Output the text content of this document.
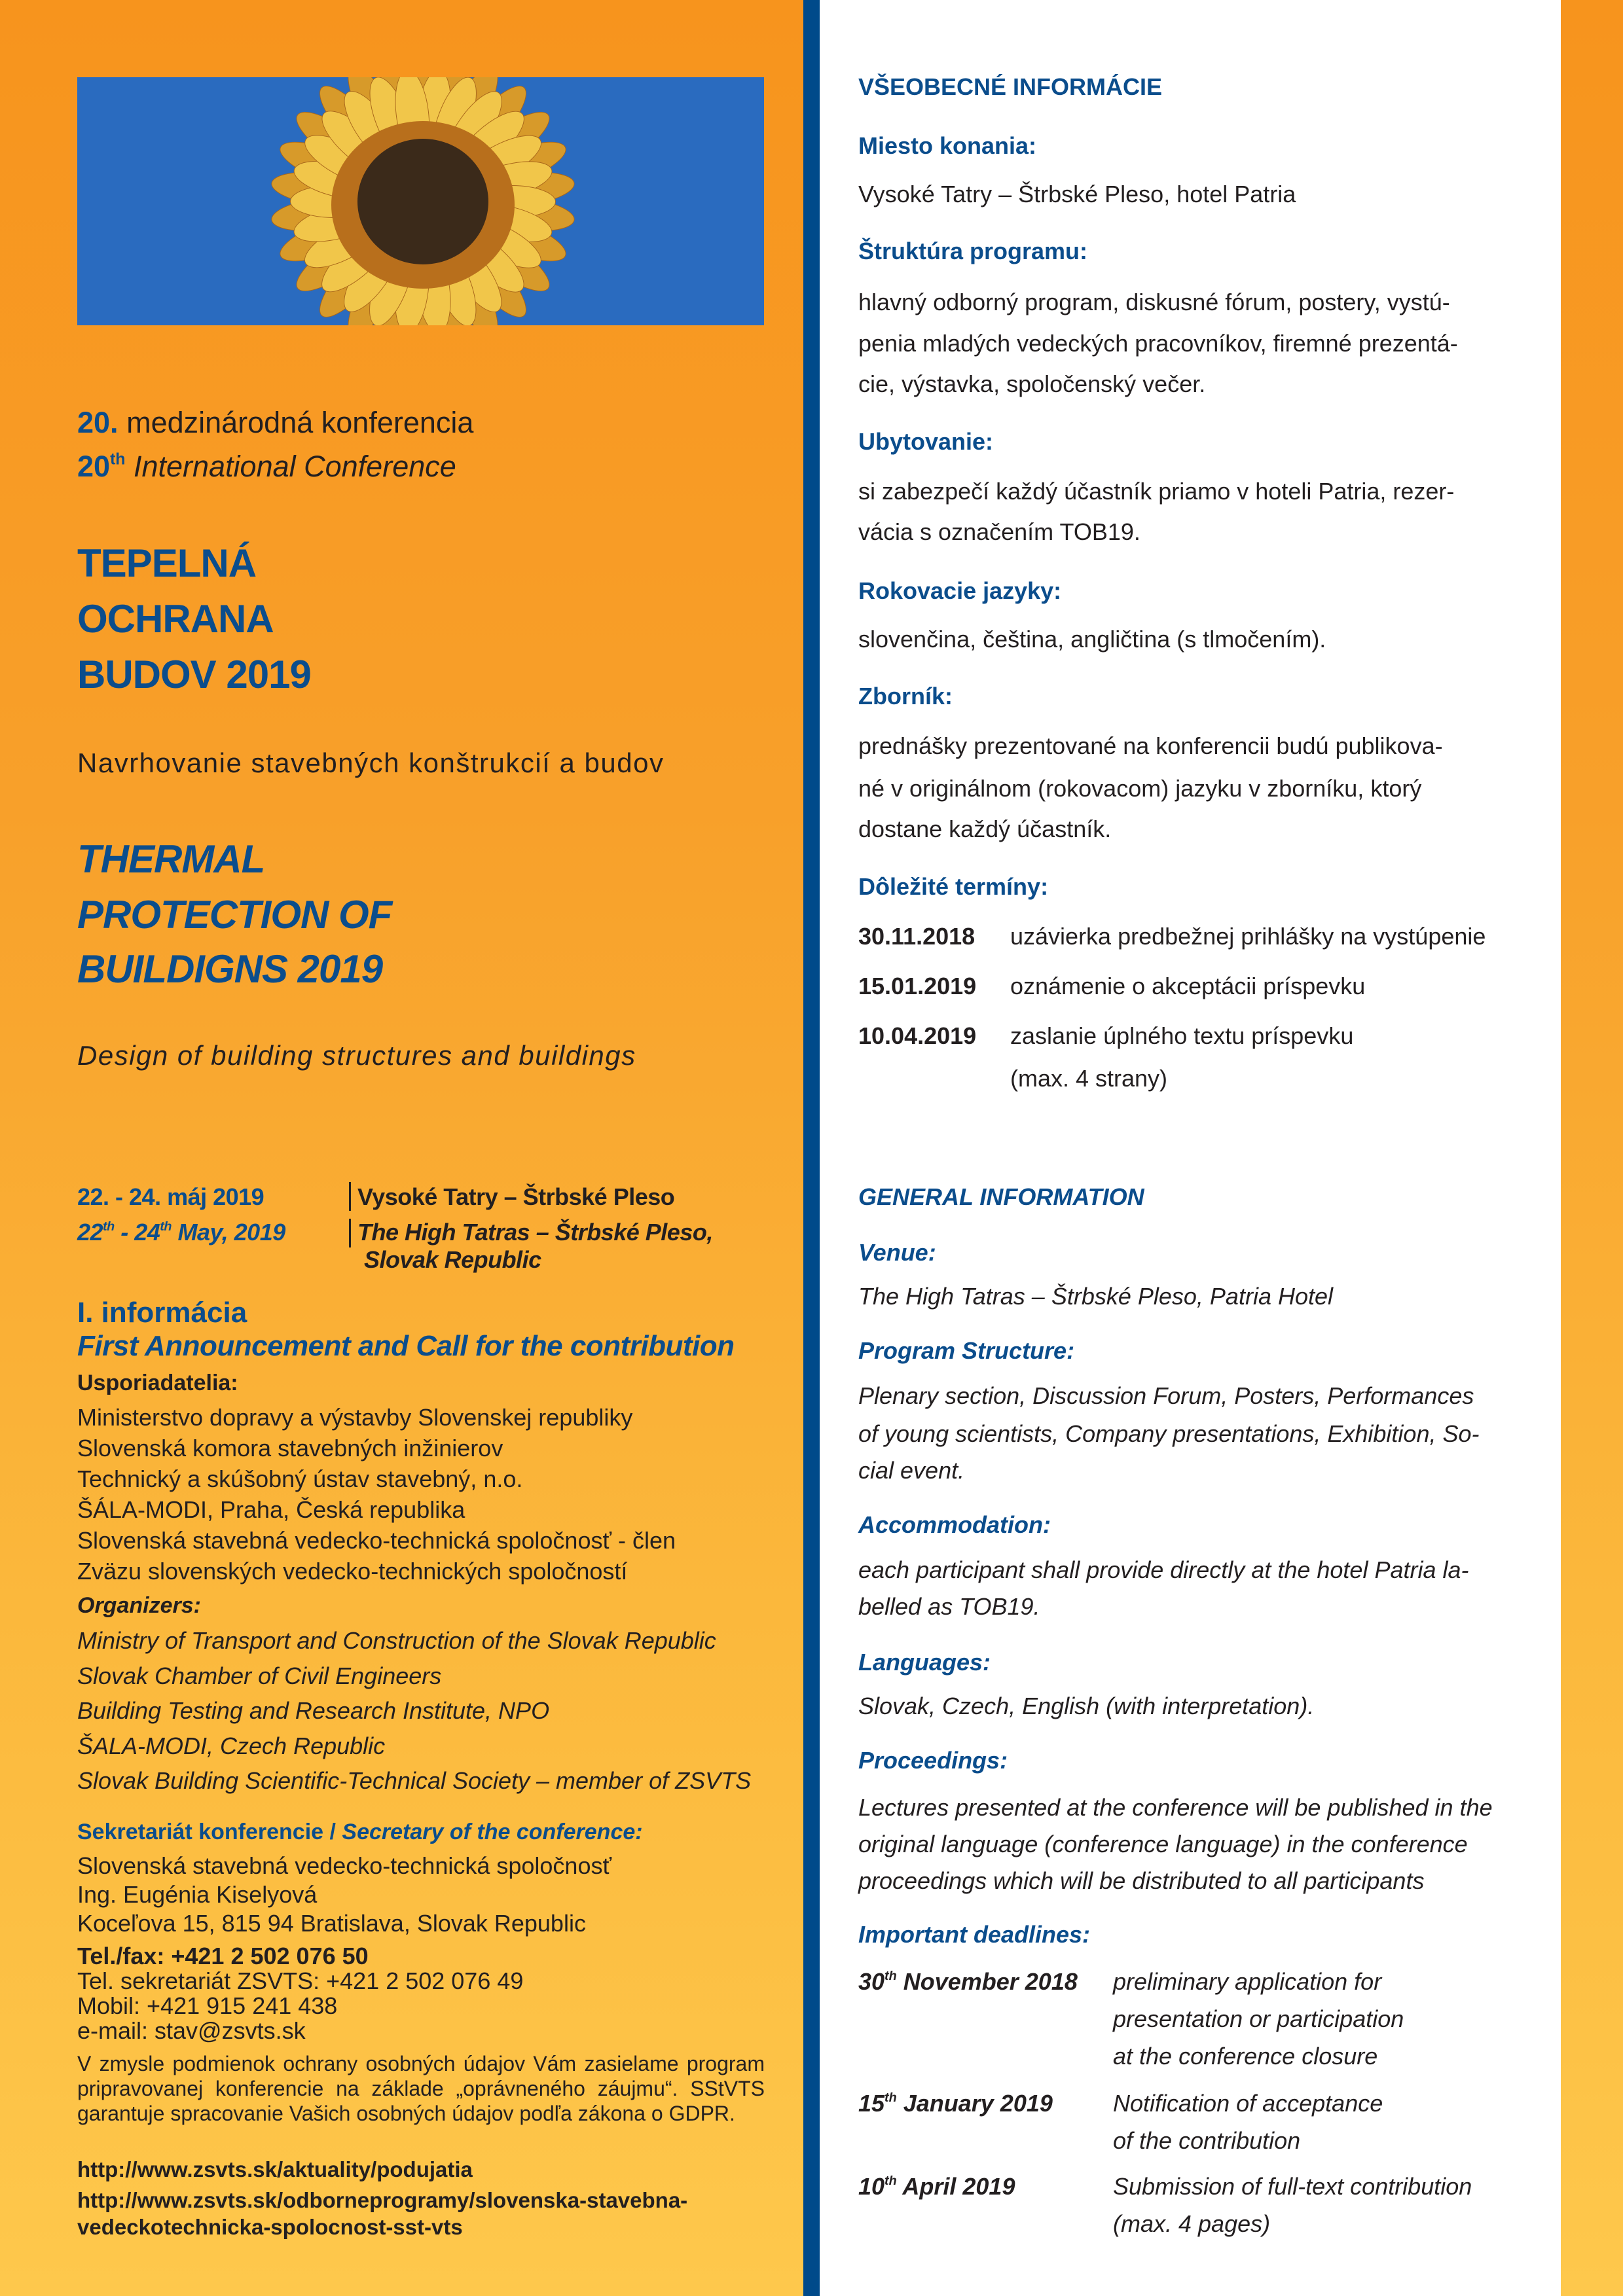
20. medzinárodná konferencia
20th International Conference
TEPELNÁ
OCHRANA
BUDOV 2019
Navrhovanie stavebných konštrukcií a budov
THERMAL
PROTECTION OF
BUILDIGNS 2019
Design of building structures and buildings
22. - 24. máj 2019	Vysoké Tatry – Štrbské Pleso
22th - 24th May, 2019	The High Tatras – Štrbské Pleso,
Slovak Republic
I. informácia
First Announcement and Call for the contribution
Usporiadatelia:
Ministerstvo dopravy a výstavby Slovenskej republiky
Slovenská komora stavebných inžinierov
Technický a skúšobný ústav stavebný, n.o.
ŠÁLA-MODI, Praha, Česká republika
Slovenská stavebná vedecko-technická spoločnosť - člen
Zväzu slovenských vedecko-technických spoločností
Organizers:
Ministry of Transport and Construction of the Slovak Republic
Slovak Chamber of Civil Engineers
Building Testing and Research Institute, NPO
ŠALA-MODI, Czech Republic
Slovak Building Scientific-Technical Society – member of ZSVTS
Sekretariát konferencie / Secretary of the conference:
Slovenská stavebná vedecko-technická spoločnosť
Ing. Eugénia Kiselyová
Koceľova 15, 815 94 Bratislava, Slovak Republic
Tel./fax: +421 2 502 076 50
Tel. sekretariát ZSVTS: +421 2 502 076 49
Mobil: +421 915 241 438
e-mail: stav@zsvts.sk
V zmysle podmienok ochrany osobných údajov Vám zasielame program pripravovanej konferencie na základe „oprávneného záujmu“. SStVTS garantuje spracovanie Vašich osobných údajov podľa zákona o GDPR.
http://www.zsvts.sk/aktuality/podujatia
http://www.zsvts.sk/odborneprogramy/slovenska-stavebna-
vedeckotechnicka-spolocnost-sst-vts
VŠEOBECNÉ INFORMÁCIE
Miesto konania:
Vysoké Tatry – Štrbské Pleso, hotel Patria
Štruktúra programu:
hlavný odborný program, diskusné fórum, postery, vystú-
penia mladých vedeckých pracovníkov, firemné prezentá-
cie, výstavka, spoločenský večer.
Ubytovanie:
si zabezpečí každý účastník priamo v hoteli Patria, rezer-
vácia s označením TOB19.
Rokovacie jazyky:
slovenčina, čeština, angličtina (s tlmočením).
Zborník:
prednášky prezentované na konferencii budú publikova-
né v originálnom (rokovacom) jazyku v zborníku, ktorý
dostane každý účastník.
Dôležité termíny:
30.11.2018 uzávierka predbežnej prihlášky na vystúpenie
15.01.2019 oznámenie o akceptácii príspevku
10.04.2019 zaslanie úplného textu príspevku
(max. 4 strany)
GENERAL INFORMATION
Venue:
The High Tatras – Štrbské Pleso, Patria Hotel
Program Structure:
Plenary section, Discussion Forum, Posters, Performances
of young scientists, Company presentations, Exhibition, So-
cial event.
Accommodation:
each participant shall provide directly at the hotel Patria la-
belled as TOB19.
Languages:
Slovak, Czech, English (with interpretation).
Proceedings:
Lectures presented at the conference will be published in the
original language (conference language) in the conference
proceedings which will be distributed to all participants
Important deadlines:
30th November 2018 preliminary application for
presentation or participation
at the conference closure
15th January 2019	Notification of acceptance
of the contribution
10th April 2019	Submission of full-text contribution
(max. 4 pages)
